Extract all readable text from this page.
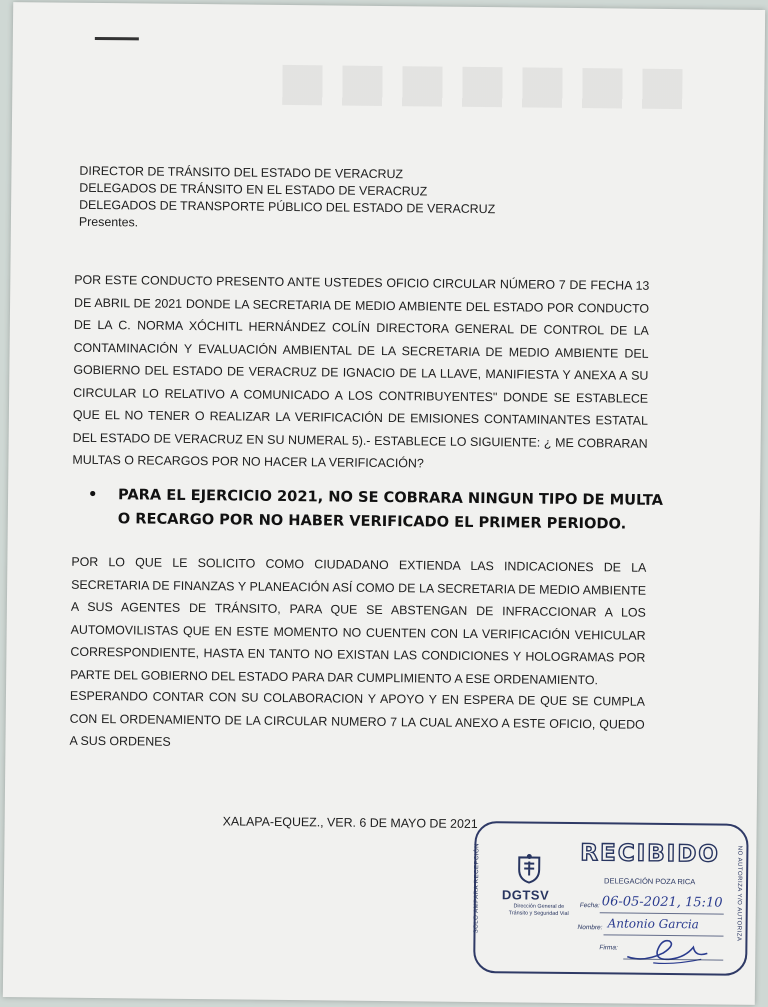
DIRECTOR DE TRÁNSITO DEL ESTADO DE VERACRUZ
DELEGADOS DE TRÁNSITO EN EL ESTADO DE VERACRUZ
DELEGADOS DE TRANSPORTE PÚBLICO DEL ESTADO DE VERACRUZ
Presentes.

POR ESTE CONDUCTO PRESENTO ANTE USTEDES OFICIO CIRCULAR NÚMERO 7 DE FECHA 13 DE ABRIL DE 2021 DONDE LA SECRETARIA DE MEDIO AMBIENTE DEL ESTADO POR CONDUCTO DE LA C. NORMA XÓCHITL HERNÁNDEZ COLÍN DIRECTORA GENERAL DE CONTROL DE LA CONTAMINACIÓN Y EVALUACIÓN AMBIENTAL DE LA SECRETARIA DE MEDIO AMBIENTE DEL GOBIERNO DEL ESTADO DE VERACRUZ DE IGNACIO DE LA LLAVE, MANIFIESTA Y ANEXA A SU CIRCULAR LO RELATIVO A COMUNICADO A LOS CONTRIBUYENTES" DONDE SE ESTABLECE QUE EL NO TENER O REALIZAR LA VERIFICACIÓN DE EMISIONES CONTAMINANTES ESTATAL DEL ESTADO DE VERACRUZ EN SU NUMERAL 5).- ESTABLECE LO SIGUIENTE: ¿ ME COBRARAN MULTAS O RECARGOS POR NO HACER LA VERIFICACIÓN?

•	PARA EL EJERCICIO 2021, NO SE COBRARA NINGUN TIPO DE MULTA O RECARGO POR NO HABER VERIFICADO EL PRIMER PERIODO.

POR LO QUE LE SOLICITO COMO CIUDADANO EXTIENDA LAS INDICACIONES DE LA SECRETARIA DE FINANZAS Y PLANEACIÓN ASÍ COMO DE LA SECRETARIA DE MEDIO AMBIENTE A SUS AGENTES DE TRÁNSITO, PARA QUE SE ABSTENGAN DE INFRACCIONAR A LOS AUTOMOVILISTAS QUE EN ESTE MOMENTO NO CUENTEN CON LA VERIFICACIÓN VEHICULAR CORRESPONDIENTE, HASTA EN TANTO NO EXISTAN LAS CONDICIONES Y HOLOGRAMAS POR PARTE DEL GOBIERNO DEL ESTADO PARA DAR CUMPLIMIENTO A ESE ORDENAMIENTO.

ESPERANDO CONTAR CON SU COLABORACION Y APOYO Y EN ESPERA DE QUE SE CUMPLA CON EL ORDENAMIENTO DE LA CIRCULAR NUMERO 7 LA CUAL ANEXO A ESTE OFICIO, QUEDO A SUS ORDENES

XALAPA-EQUEZ., VER. 6 DE MAYO DE 2021
SOLO AMPARA RECEPCIÓN	NO AUTORIZA Y/O AUTORIZA
DGTSV
Dirección General de Tránsito y Seguridad Vial
RECIBIDO
DELEGACIÓN POZA RICA
Fecha: 06-05-2021, 15:10
Nombre: Antonio Garcia
Firma:
